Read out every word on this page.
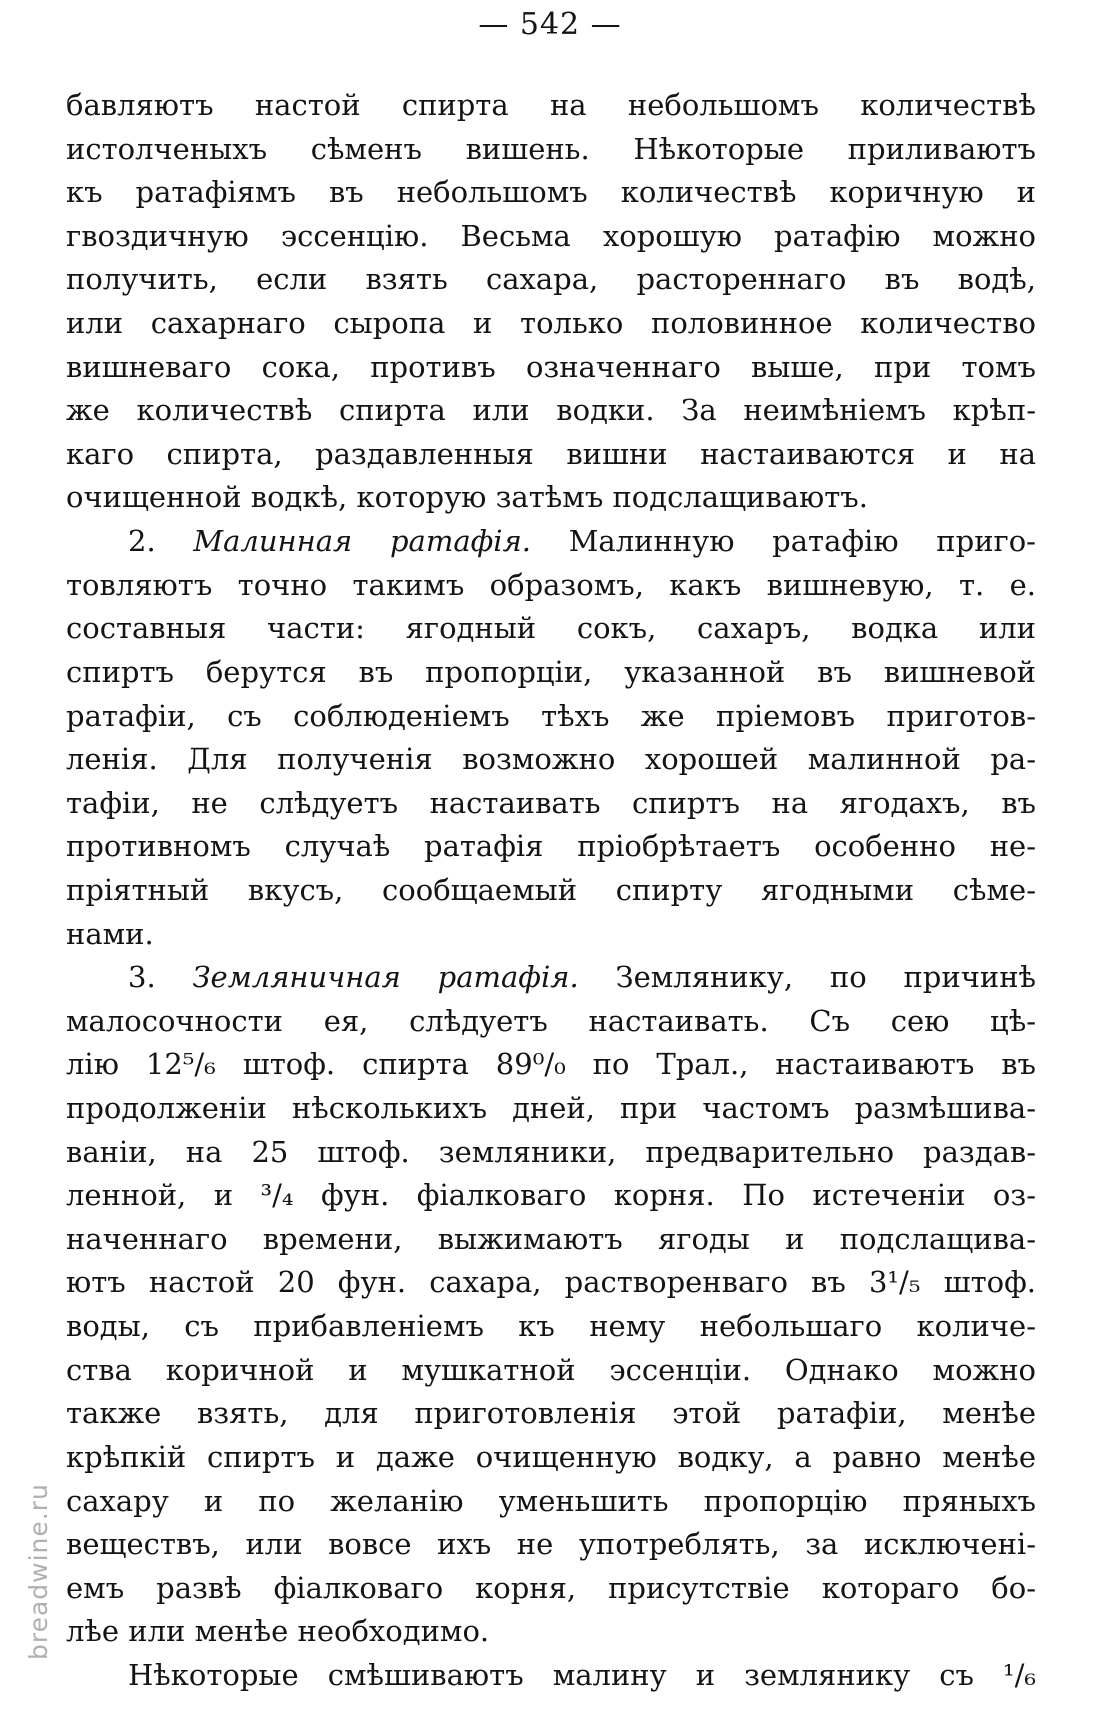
— 542 —
бавляютъ настой спирта на небольшомъ количествѣ
истолченыхъ сѣменъ вишень. Нѣкоторые приливаютъ
къ ратафіямъ въ небольшомъ количествѣ коричную и
гвоздичную эссенцію. Весьма хорошую ратафію можно
получить, если взять сахара, растореннаго въ водѣ,
или сахарнаго сыропа и только половинное количество
вишневаго сока, противъ означеннаго выше, при томъ
же количествѣ спирта или водки. За неимѣніемъ крѣп-
каго спирта, раздавленныя вишни настаиваются и на
очищенной водкѣ, которую затѣмъ подслащиваютъ.
2. Малинная ратафія. Малинную ратафію приго-
товляютъ точно такимъ образомъ, какъ вишневую, т. е.
составныя части: ягодный сокъ, сахаръ, водка или
спиртъ берутся въ пропорціи, указанной въ вишневой
ратафіи, съ соблюденіемъ тѣхъ же пріемовъ приготов-
ленія. Для полученія возможно хорошей малинной ра-
тафіи, не слѣдуетъ настаивать спиртъ на ягодахъ, въ
противномъ случаѣ ратафія пріобрѣтаетъ особенно не-
пріятный вкусъ, сообщаемый спирту ягодными сѣме-
нами.
3. Земляничная ратафія. Землянику, по причинѣ
малосочности ея, слѣдуетъ настаивать. Съ сею цѣ-
лію 12⁵/₆ штоф. спирта 89⁰/₀ по Трал., настаиваютъ въ
продолженіи нѣсколькихъ дней, при частомъ размѣшива-
ваніи, на 25 штоф. земляники, предварительно раздав-
ленной, и ³/₄ фун. фіалковаго корня. По истеченіи оз-
наченнаго времени, выжимаютъ ягоды и подслащива-
ютъ настой 20 фун. сахара, растворенваго въ 3¹/₅ штоф.
воды, съ прибавленіемъ къ нему небольшаго количе-
ства коричной и мушкатной эссенціи. Однако можно
также взять, для приготовленія этой ратафіи, менѣе
крѣпкій спиртъ и даже очищенную водку, а равно менѣе
сахару и по желанію уменьшить пропорцію пряныхъ
веществъ, или вовсе ихъ не употреблять, за исключені-
емъ развѣ фіалковаго корня, присутствіе котораго бо-
лѣе или менѣе необходимо.
Нѣкоторые смѣшиваютъ малину и землянику съ ¹/₆
breadwine.ru
